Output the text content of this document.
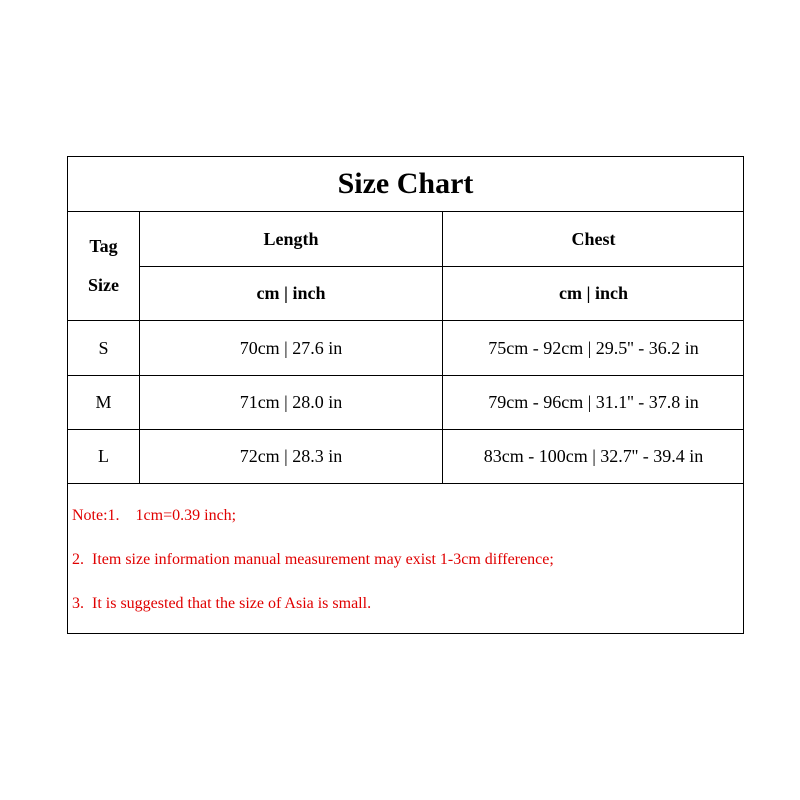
Size Chart
Tag
Size
Length	Chest
cm | inch	cm | inch
S	70cm | 27.6 in	75cm - 92cm | 29.5'' - 36.2 in
M	71cm | 28.0 in	79cm - 96cm | 31.1'' - 37.8 in
L	72cm | 28.3 in	83cm - 100cm | 32.7'' - 39.4 in
Note:1.    1cm=0.39 inch;
2.  Item size information manual measurement may exist 1-3cm difference;
3.  It is suggested that the size of Asia is small.
